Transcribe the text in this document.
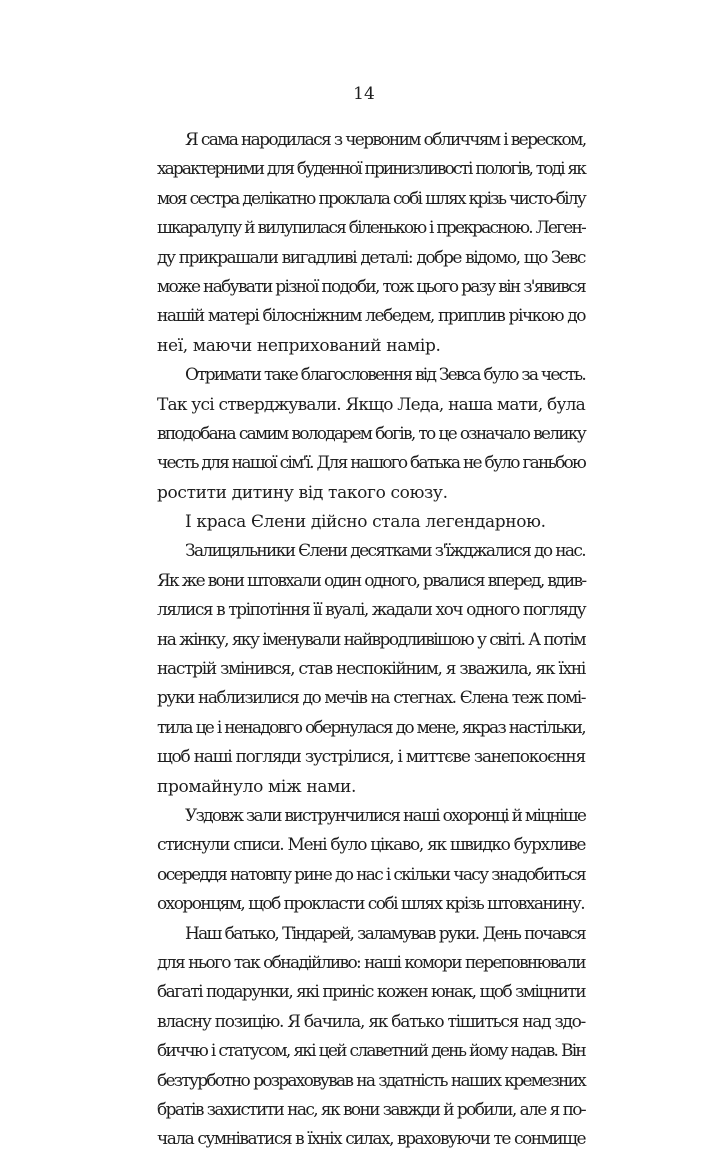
14
Я сама народилася з червоним обличчям і вереском,
характерними для буденної принизливості пологів, тоді як
моя сестра делікатно проклала собі шлях крізь чисто-білу
шкаралупу й вилупилася біленькою і прекрасною. Леген-
ду прикрашали вигадливі деталі: добре відомо, що Зевс
може набувати різної подоби, тож цього разу він з'явився
нашій матері білосніжним лебедем, приплив річкою до
неї, маючи неприхований намір.
Отримати таке благословення від Зевса було за честь.
Так усі стверджували. Якщо Леда, наша мати, була
вподобана самим володарем богів, то це означало велику
честь для нашої сім'ї. Для нашого батька не було ганьбою
ростити дитину від такого союзу.
І краса Єлени дійсно стала легендарною.
Залицяльники Єлени десятками з'їжджалися до нас.
Як же вони штовхали один одного, рвалися вперед, вдив-
лялися в тріпотіння її вуалі, жадали хоч одного погляду
на жінку, яку іменували найвродливішою у світі. А потім
настрій змінився, став неспокійним, я зважила, як їхні
руки наблизилися до мечів на стегнах. Єлена теж помі-
тила це і ненадовго обернулася до мене, якраз настільки,
щоб наші погляди зустрілися, і миттєве занепокоєння
промайнуло між нами.
Уздовж зали виструнчилися наші охоронці й міцніше
стиснули списи. Мені було цікаво, як швидко бурхливе
осереддя натовпу рине до нас і скільки часу знадобиться
охоронцям, щоб прокласти собі шлях крізь штовханину.
Наш батько, Тіндарей, заламував руки. День почався
для нього так обнадійливо: наші комори переповнювали
багаті подарунки, які приніс кожен юнак, щоб зміцнити
власну позицію. Я бачила, як батько тішиться над здо-
биччю і статусом, які цей славетний день йому надав. Він
безтурботно розраховував на здатність наших кремезних
братів захистити нас, як вони завжди й робили, але я по-
чала сумніватися в їхніх силах, враховуючи те сонмище
